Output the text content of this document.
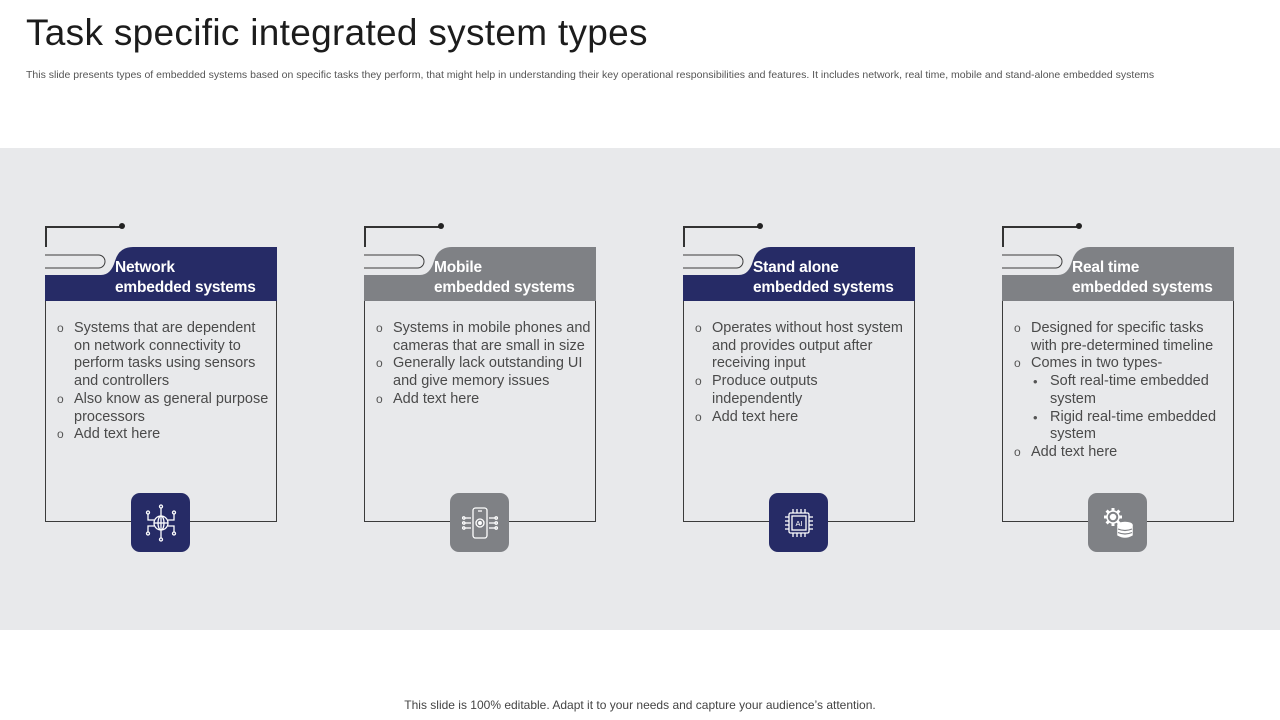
Task specific integrated system types
This slide presents types of embedded systems based on specific tasks they perform, that might help in understanding their key operational responsibilities and features. It includes network, real time, mobile and stand-alone embedded systems
Network
embedded systems
o Systems that are dependent on network connectivity to perform tasks using sensors and controllers
o Also know as general purpose processors
o Add text here
Mobile
embedded systems
o Systems in mobile phones and cameras that are small in size
o Generally lack outstanding UI and give memory issues
o Add text here
Stand alone
embedded systems
o Operates without host system and provides output after receiving input
o Produce outputs independently
o Add text here
AI
Real time
embedded systems
o Designed for specific tasks with pre-determined timeline
o Comes in two types-
• Soft real-time embedded system
• Rigid real-time embedded system
o Add text here
This slide is 100% editable. Adapt it to your needs and capture your audience’s attention.
